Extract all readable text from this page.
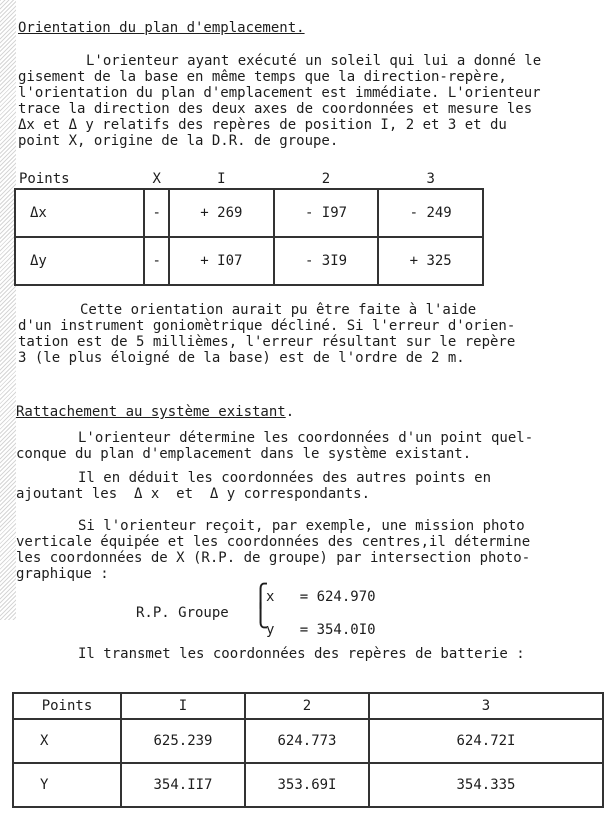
Orientation du plan d'emplacement.
L'orienteur ayant exécuté un soleil qui lui a donné le
gisement de la base en même temps que la direction-repère,
l'orientation du plan d'emplacement est immédiate. L'orienteur
trace la direction des deux axes de coordonnées et mesure les
Δx et Δ y relatifs des repères de position I, 2 et 3 et du
point X, origine de la D.R. de groupe.
Points	X	I	2	3
Δx	-	+ 269	- I97	- 249
Δy	-	+ I07	- 3I9	+ 325
Cette orientation aurait pu être faite à l'aide
d'un instrument goniomètrique décliné. Si l'erreur d'orien-
tation est de 5 millièmes, l'erreur résultant sur le repère
3 (le plus éloigné de la base) est de l'ordre de 2 m.
Rattachement au système existant.
L'orienteur détermine les coordonnées d'un point quel-
conque du plan d'emplacement dans le système existant.
Il en déduit les coordonnées des autres points en
ajoutant les  Δ x  et  Δ y correspondants.
Si l'orienteur reçoit, par exemple, une mission photo
verticale équipée et les coordonnées des centres,il détermine
les coordonnées de X (R.P. de groupe) par intersection photo-
graphique :
R.P. Groupe
⎧
⎩
x   = 624.970
y   = 354.0I0
Il transmet les coordonnées des repères de batterie :
Points	I	2	3
X	625.239	624.773	624.72I
Y	354.II7	353.69I	354.335
